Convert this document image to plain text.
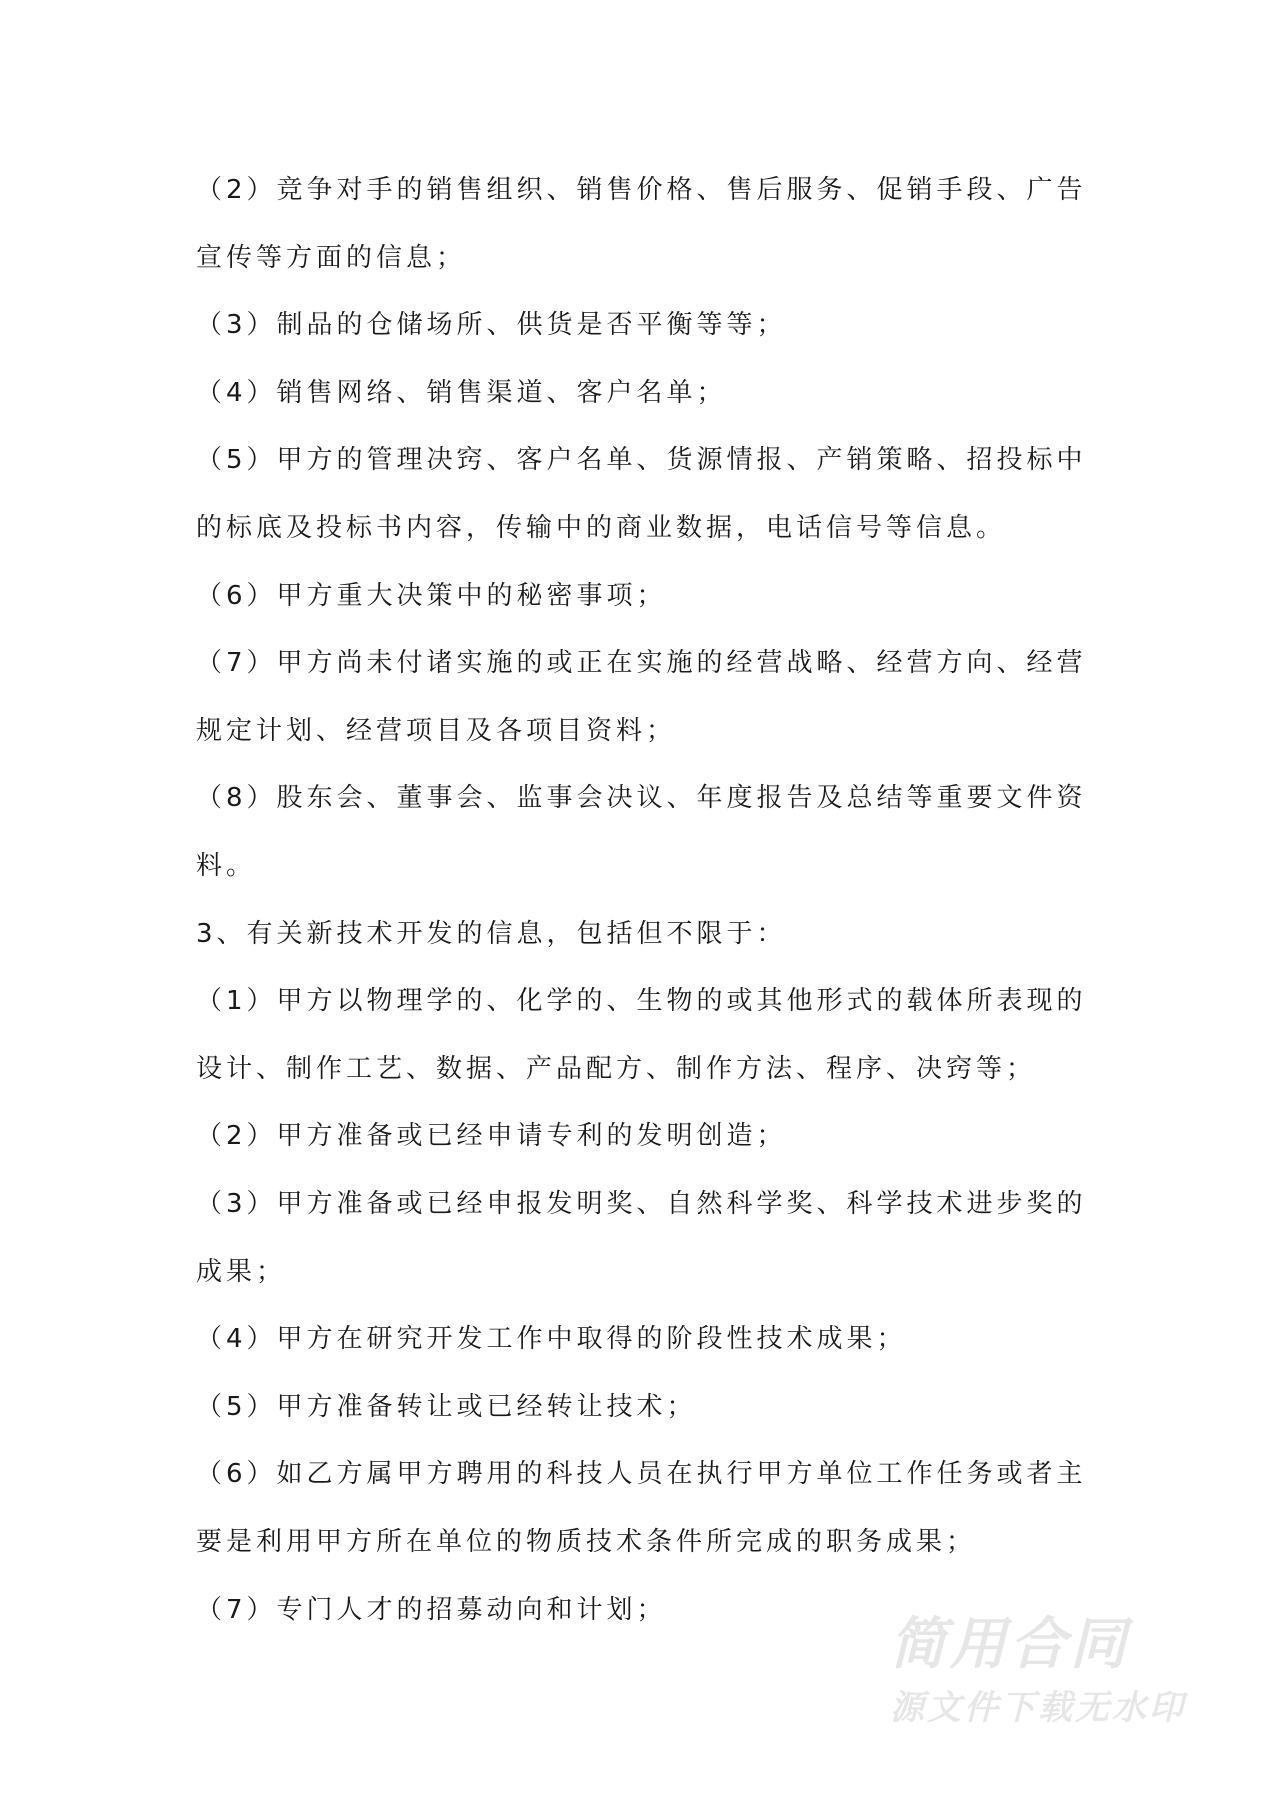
简用合同
源文件下载无水印
（2）竞争对手的销售组织、销售价格、售后服务、促销手段、广告
宣传等方面的信息；
（3）制品的仓储场所、供货是否平衡等等；
（4）销售网络、销售渠道、客户名单；
（5）甲方的管理决窍、客户名单、货源情报、产销策略、招投标中
的标底及投标书内容，传输中的商业数据，电话信号等信息。
（6）甲方重大决策中的秘密事项；
（7）甲方尚未付诸实施的或正在实施的经营战略、经营方向、经营
规定计划、经营项目及各项目资料；
（8）股东会、董事会、监事会决议、年度报告及总结等重要文件资
料。
3、有关新技术开发的信息，包括但不限于：
（1）甲方以物理学的、化学的、生物的或其他形式的载体所表现的
设计、制作工艺、数据、产品配方、制作方法、程序、决窍等；
（2）甲方准备或已经申请专利的发明创造；
（3）甲方准备或已经申报发明奖、自然科学奖、科学技术进步奖的
成果；
（4）甲方在研究开发工作中取得的阶段性技术成果；
（5）甲方准备转让或已经转让技术；
（6）如乙方属甲方聘用的科技人员在执行甲方单位工作任务或者主
要是利用甲方所在单位的物质技术条件所完成的职务成果；
（7）专门人才的招募动向和计划；
